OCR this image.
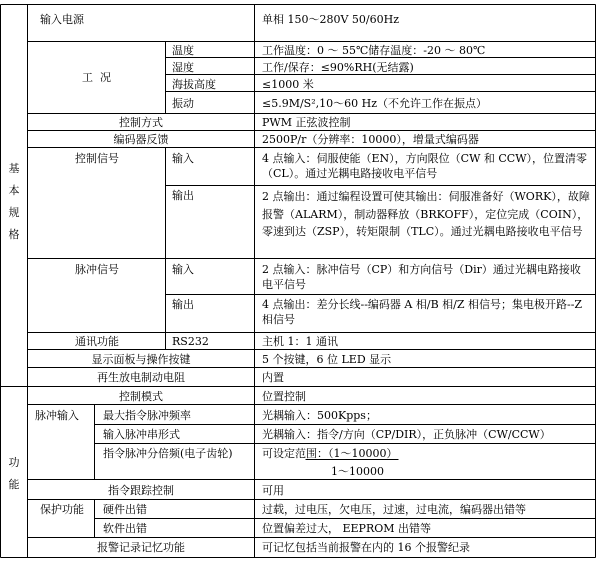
基本规格
功能
输入电源	单相 150～280V 50/60Hz
工  况
温度	工作温度：0 ～ 55℃储存温度：-20 ～ 80℃
湿度	工作/保存：≤90%RH(无结露)
海拔高度	≤1000 米
振动	≤5.9M/S²,10～60 Hz（不允许工作在振点）
控制方式	PWM 正弦波控制
编码器反馈	2500P/r（分辨率：10000），增量式编码器
控制信号	输入	4 点输入：伺服使能（EN），方向限位（CW 和 CCW），位置清零（CL）。通过光耦电路接收电平信号
输出	2 点输出：通过编程设置可使其输出：伺服准备好（WORK），故障报警（ALARM），制动器释放（BRKOFF），定位完成（COIN），零速到达（ZSP），转矩限制（TLC）。通过光耦电路接收电平信号
脉冲信号	输入	2 点输入：脉冲信号（CP）和方向信号（Dir）通过光耦电路接收电平信号
输出	4 点输出：差分长线--编码器 A 相/B 相/Z 相信号；集电极开路--Z 相信号
通讯功能	RS232	主机 1：1 通讯
显示面板与操作按键	5 个按键，6 位 LED 显示
再生放电制动电阻	内置
控制模式	位置控制
脉冲输入 最大指令脉冲频率	光耦输入：500Kpps；
输入脉冲串形式	光耦输入：指令/方向（CP/DIR），正负脉冲（CW/CCW）
指令脉冲分倍频(电子齿轮)	可设定范围：（1～10000）
1～10000
指令跟踪控制	可用
保护功能 硬件出错	过载，过电压，欠电压，过速，过电流，编码器出错等
软件出错	位置偏差过大， EEPROM 出错等
报警记录记忆功能	可记忆包括当前报警在内的 16 个报警纪录
